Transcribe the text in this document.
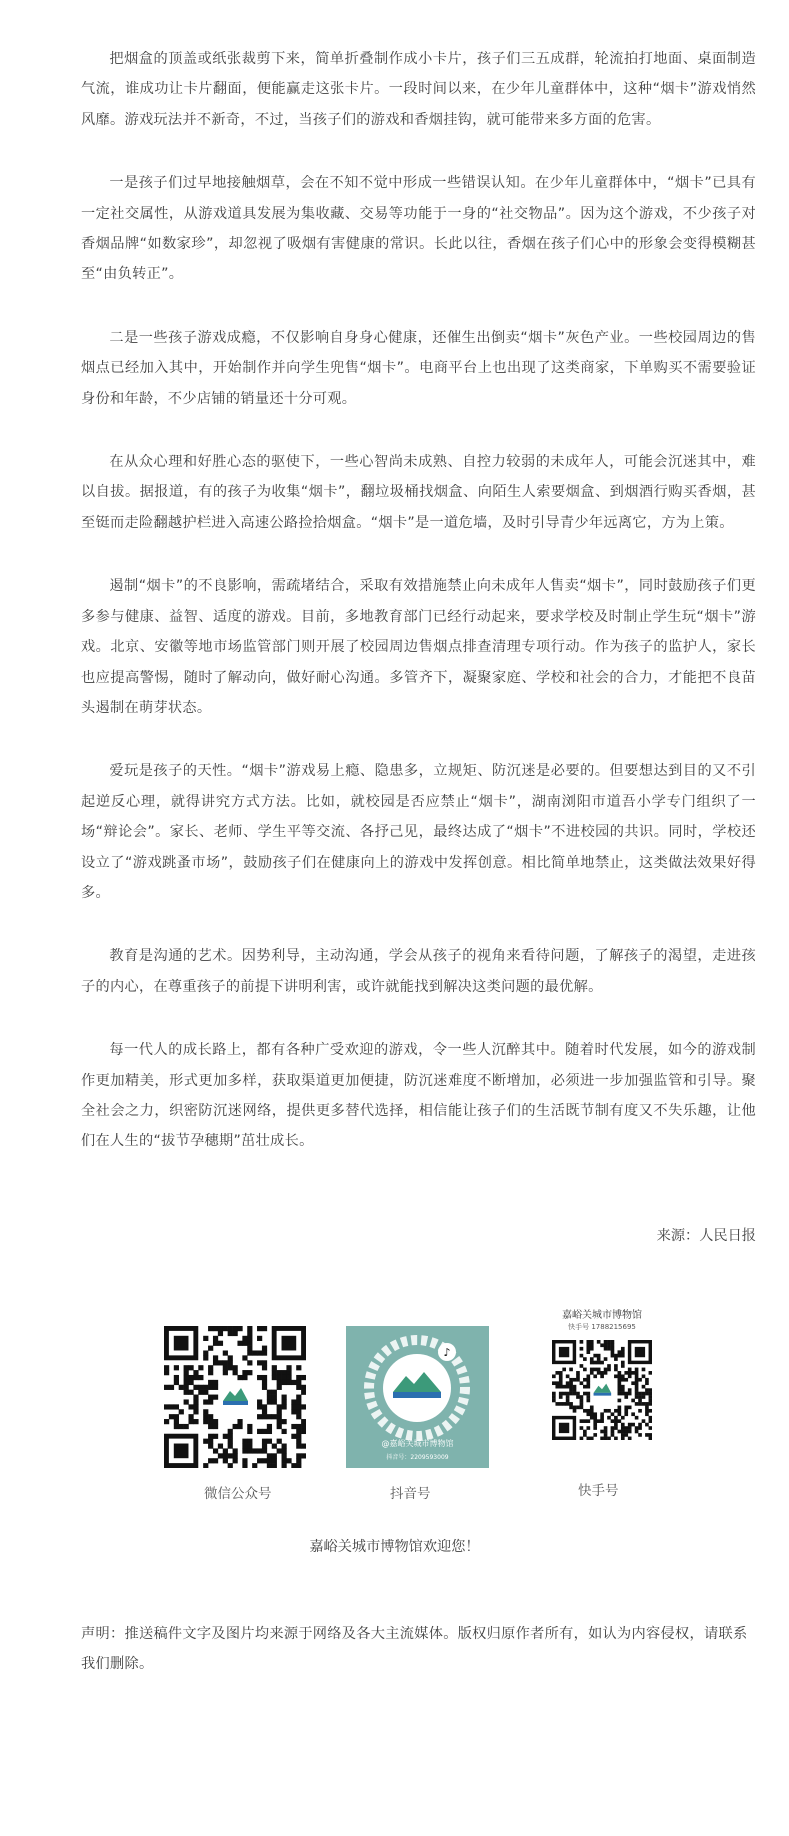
把烟盒的顶盖或纸张裁剪下来，简单折叠制作成小卡片，孩子们三五成群，轮流拍打地面、桌面制造气流，谁成功让卡片翻面，便能赢走这张卡片。一段时间以来，在少年儿童群体中，这种“烟卡”游戏悄然风靡。游戏玩法并不新奇，不过，当孩子们的游戏和香烟挂钩，就可能带来多方面的危害。

一是孩子们过早地接触烟草，会在不知不觉中形成一些错误认知。在少年儿童群体中，“烟卡”已具有一定社交属性，从游戏道具发展为集收藏、交易等功能于一身的“社交物品”。因为这个游戏，不少孩子对香烟品牌“如数家珍”，却忽视了吸烟有害健康的常识。长此以往，香烟在孩子们心中的形象会变得模糊甚至“由负转正”。

二是一些孩子游戏成瘾，不仅影响自身身心健康，还催生出倒卖“烟卡”灰色产业。一些校园周边的售烟点已经加入其中，开始制作并向学生兜售“烟卡”。电商平台上也出现了这类商家，下单购买不需要验证身份和年龄，不少店铺的销量还十分可观。

在从众心理和好胜心态的驱使下，一些心智尚未成熟、自控力较弱的未成年人，可能会沉迷其中，难以自拔。据报道，有的孩子为收集“烟卡”，翻垃圾桶找烟盒、向陌生人索要烟盒、到烟酒行购买香烟，甚至铤而走险翻越护栏进入高速公路捡拾烟盒。“烟卡”是一道危墙，及时引导青少年远离它，方为上策。

遏制“烟卡”的不良影响，需疏堵结合，采取有效措施禁止向未成年人售卖“烟卡”，同时鼓励孩子们更多参与健康、益智、适度的游戏。目前，多地教育部门已经行动起来，要求学校及时制止学生玩“烟卡”游戏。北京、安徽等地市场监管部门则开展了校园周边售烟点排查清理专项行动。作为孩子的监护人，家长也应提高警惕，随时了解动向，做好耐心沟通。多管齐下，凝聚家庭、学校和社会的合力，才能把不良苗头遏制在萌芽状态。

爱玩是孩子的天性。“烟卡”游戏易上瘾、隐患多，立规矩、防沉迷是必要的。但要想达到目的又不引起逆反心理，就得讲究方式方法。比如，就校园是否应禁止“烟卡”，湖南浏阳市道吾小学专门组织了一场“辩论会”。家长、老师、学生平等交流、各抒己见，最终达成了“烟卡”不进校园的共识。同时，学校还设立了“游戏跳蚤市场”，鼓励孩子们在健康向上的游戏中发挥创意。相比简单地禁止，这类做法效果好得多。

教育是沟通的艺术。因势利导，主动沟通，学会从孩子的视角来看待问题，了解孩子的渴望，走进孩子的内心，在尊重孩子的前提下讲明利害，或许就能找到解决这类问题的最优解。

每一代人的成长路上，都有各种广受欢迎的游戏，令一些人沉醉其中。随着时代发展，如今的游戏制作更加精美，形式更加多样，获取渠道更加便捷，防沉迷难度不断增加，必须进一步加强监管和引导。聚全社会之力，织密防沉迷网络，提供更多替代选择，相信能让孩子们的生活既节制有度又不失乐趣，让他们在人生的“拔节孕穗期”茁壮成长。

来源：人民日报
微信公众号
♪
@嘉峪关城市博物馆
抖音号：2209593009
抖音号
嘉峪关城市博物馆
快手号 1788215695
快手号
嘉峪关城市博物馆欢迎您！
声明：推送稿件文字及图片均来源于网络及各大主流媒体。版权归原作者所有，如认为内容侵权，请联系我们删除。
